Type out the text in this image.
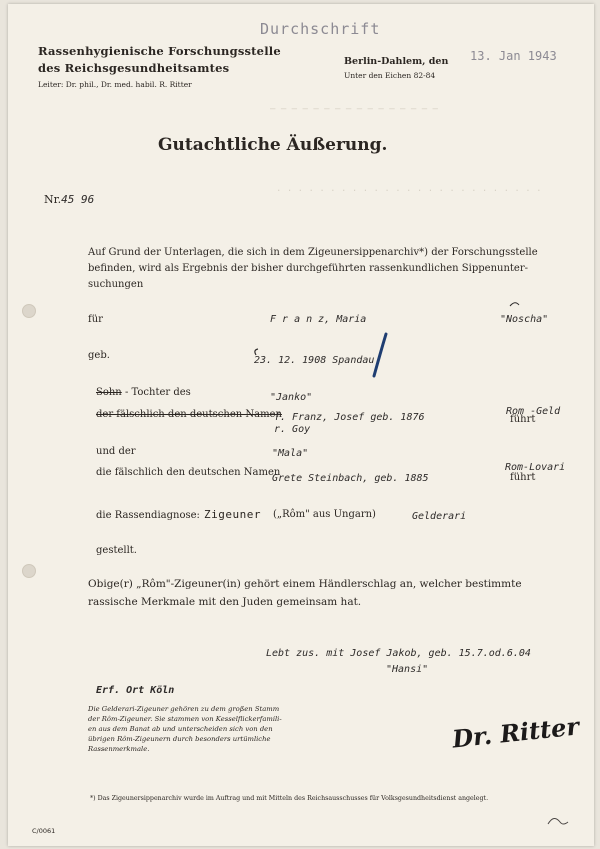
Durchschrift
Rassenhygienische Forschungsstelle
des Reichsgesundheitsamtes
Leiter: Dr. phil., Dr. med. habil. R. Ritter
Berlin-Dahlem, den
Unter den Eichen 82-84
13. Jan 1943
̶ ̶ ̶ ̶ ̶ ̶ ̶ ̶ ̶ ̶ ̶ ̶ ̶ ̶ ̶ ̶
. . . . . . . . . . . . . . . . . . . . . . . . .
Gutachtliche Äußerung.
Nr.45 96
Auf Grund der Unterlagen, die sich in dem Zigeunersippenarchiv*) der Forschungsstelle
befinden, wird als Ergebnis der bisher durchgeführten rassenkundlichen Sippenunter-
suchungen
für	F r a n z, Maria	"Noscha"
geb.	23. 12. 1908 Spandau
Sohn - Tochter des	"Janko"
der fälschlich den deutschen Namen
f. Franz, Josef geb. 1876
r. Goy
Rom -Geld
führt
und der	"Mala"
die fälschlich den deutschen Namen
Grete Steinbach, geb. 1885
Rom-Lovari
führt
die Rassendiagnose: Zigeuner („Rôm" aus Ungarn)	Gelderari
gestellt.
Obige(r) „Rôm"-Zigeuner(in) gehört einem Händlerschlag an, welcher bestimmte
rassische Merkmale mit den Juden gemeinsam hat.
Lebt zus. mit Josef Jakob, geb. 15.7.od.6.04
"Hansi"
Erf. Ort Köln
Die Gelderari-Zigeuner gehören zu dem großen Stamm
der Rôm-Zigeuner. Sie stammen von Kesselflickerfamili-
en aus dem Banat ab und unterscheiden sich von den
übrigen Rôm-Zigeunern durch besonders urtümliche
Rassenmerkmale.	Dr. Ritter
*) Das Zigeunersippenarchiv wurde im Auftrag und mit Mitteln des Reichsausschusses für Volksgesundheitsdienst angelegt.
C/0061
